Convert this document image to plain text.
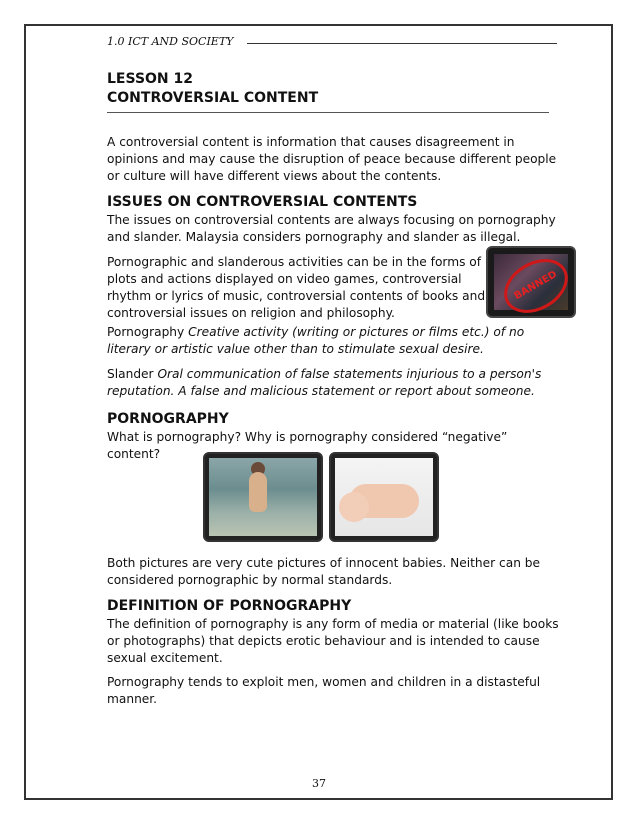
1.0 ICT AND SOCIETY
LESSON 12
CONTROVERSIAL CONTENT

A controversial content is information that causes disagreement in opinions and may cause the disruption of peace because different people or culture will have different views about the contents.

ISSUES ON CONTROVERSIAL CONTENTS

The issues on controversial contents are always focusing on pornography and slander. Malaysia considers pornography and slander as illegal.

Pornographic and slanderous activities can be in the forms of
plots and actions displayed on video games, controversial
rhythm or lyrics of music, controversial contents of books and
controversial issues on religion and philosophy.
BANNED

Pornography Creative activity (writing or pictures or films etc.) of no literary or artistic value other than to stimulate sexual desire.

Slander Oral communication of false statements injurious to a person's reputation. A false and malicious statement or report about someone.

PORNOGRAPHY

What is pornography? Why is pornography considered “negative” content?

Both pictures are very cute pictures of innocent babies. Neither can be considered pornographic by normal standards.

DEFINITION OF PORNOGRAPHY

The definition of pornography is any form of media or material (like books or photographs) that depicts erotic behaviour and is intended to cause sexual excitement.

Pornography tends to exploit men, women and children in a distasteful manner.

37
